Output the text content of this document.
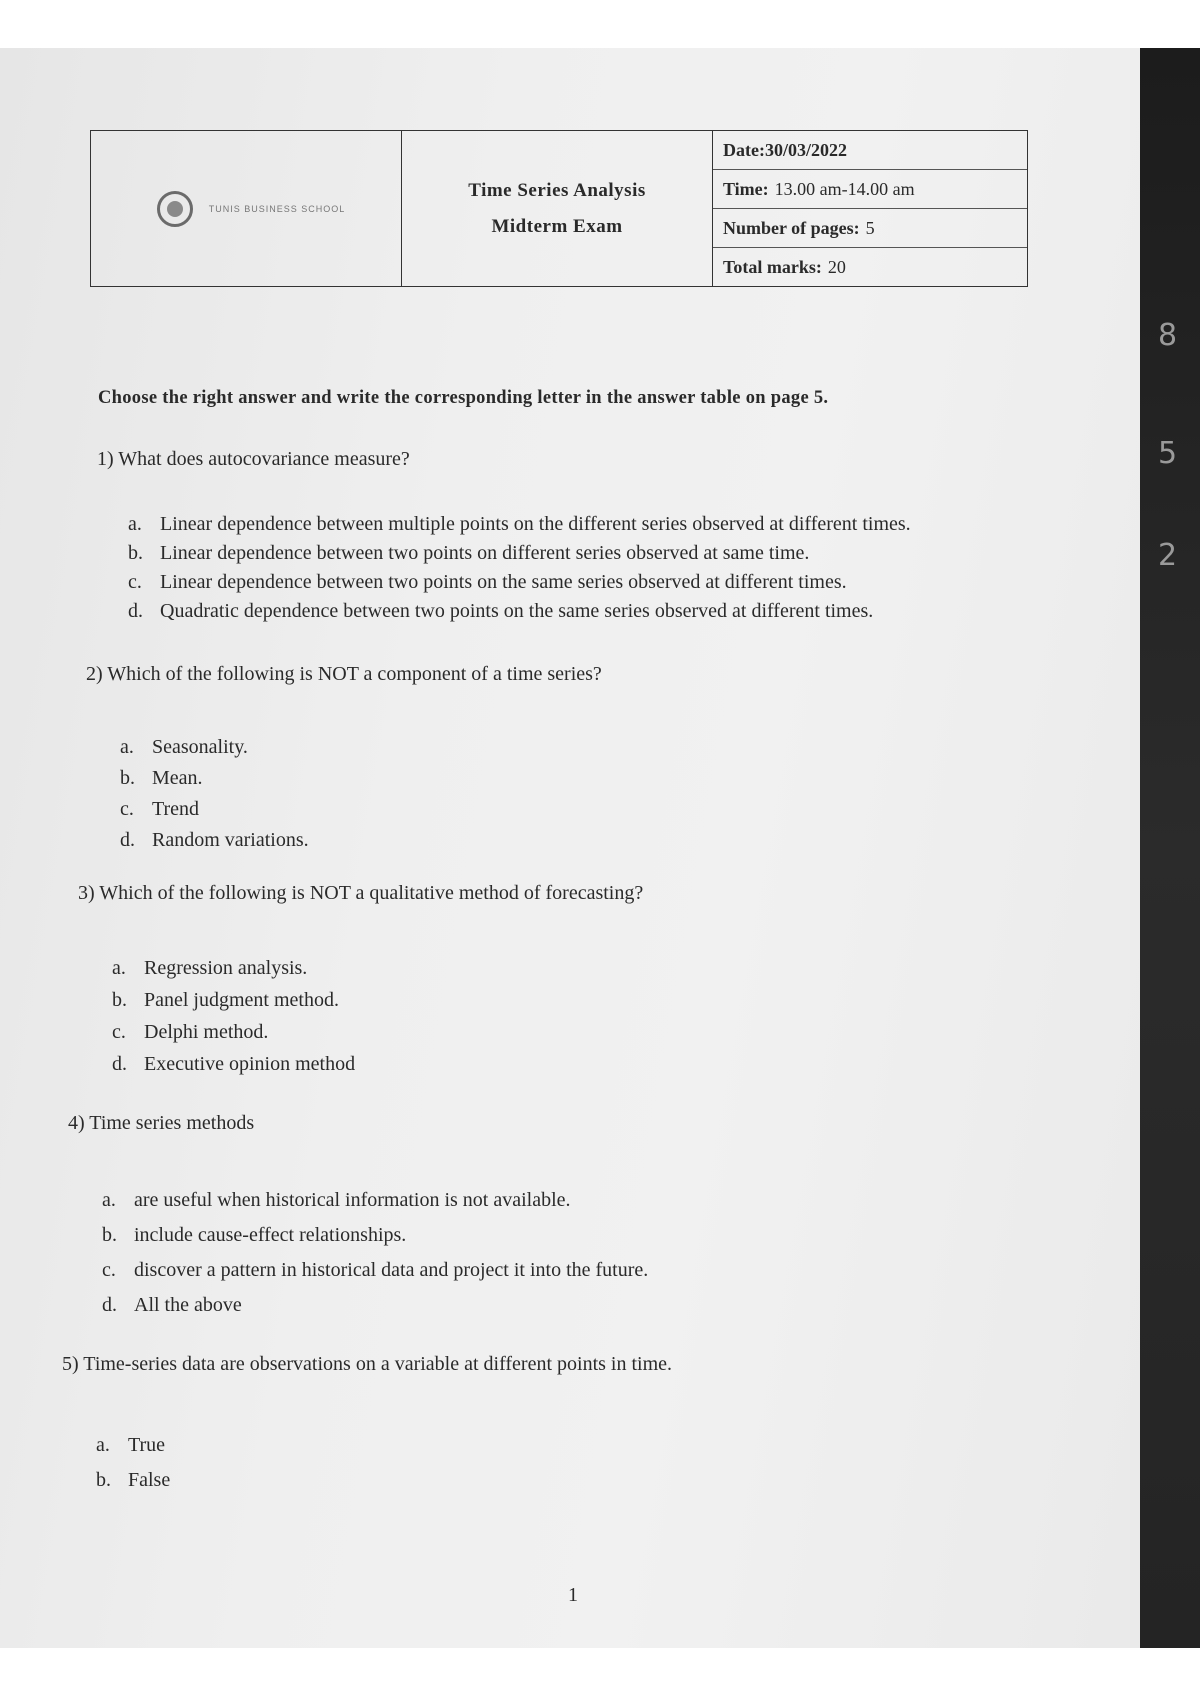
8
5
2
TUNIS BUSINESS SCHOOL
Time Series Analysis
Midterm Exam
Date:30/03/2022
Time: 13.00 am-14.00 am
Number of pages: 5
Total marks: 20
Choose the right answer and write the corresponding letter in the answer table on page 5.
1) What does autocovariance measure?
a. Linear dependence between multiple points on the different series observed at different times.
b. Linear dependence between two points on different series observed at same time.
c. Linear dependence between two points on the same series observed at different times.
d. Quadratic dependence between two points on the same series observed at different times.
2) Which of the following is NOT a component of a time series?
a. Seasonality.
b. Mean.
c. Trend
d. Random variations.
3) Which of the following is NOT a qualitative method of forecasting?
a. Regression analysis.
b. Panel judgment method.
c. Delphi method.
d. Executive opinion method
4) Time series methods
a. are useful when historical information is not available.
b. include cause-effect relationships.
c. discover a pattern in historical data and project it into the future.
d. All the above
5) Time-series data are observations on a variable at different points in time.
a. True
b. False
1
